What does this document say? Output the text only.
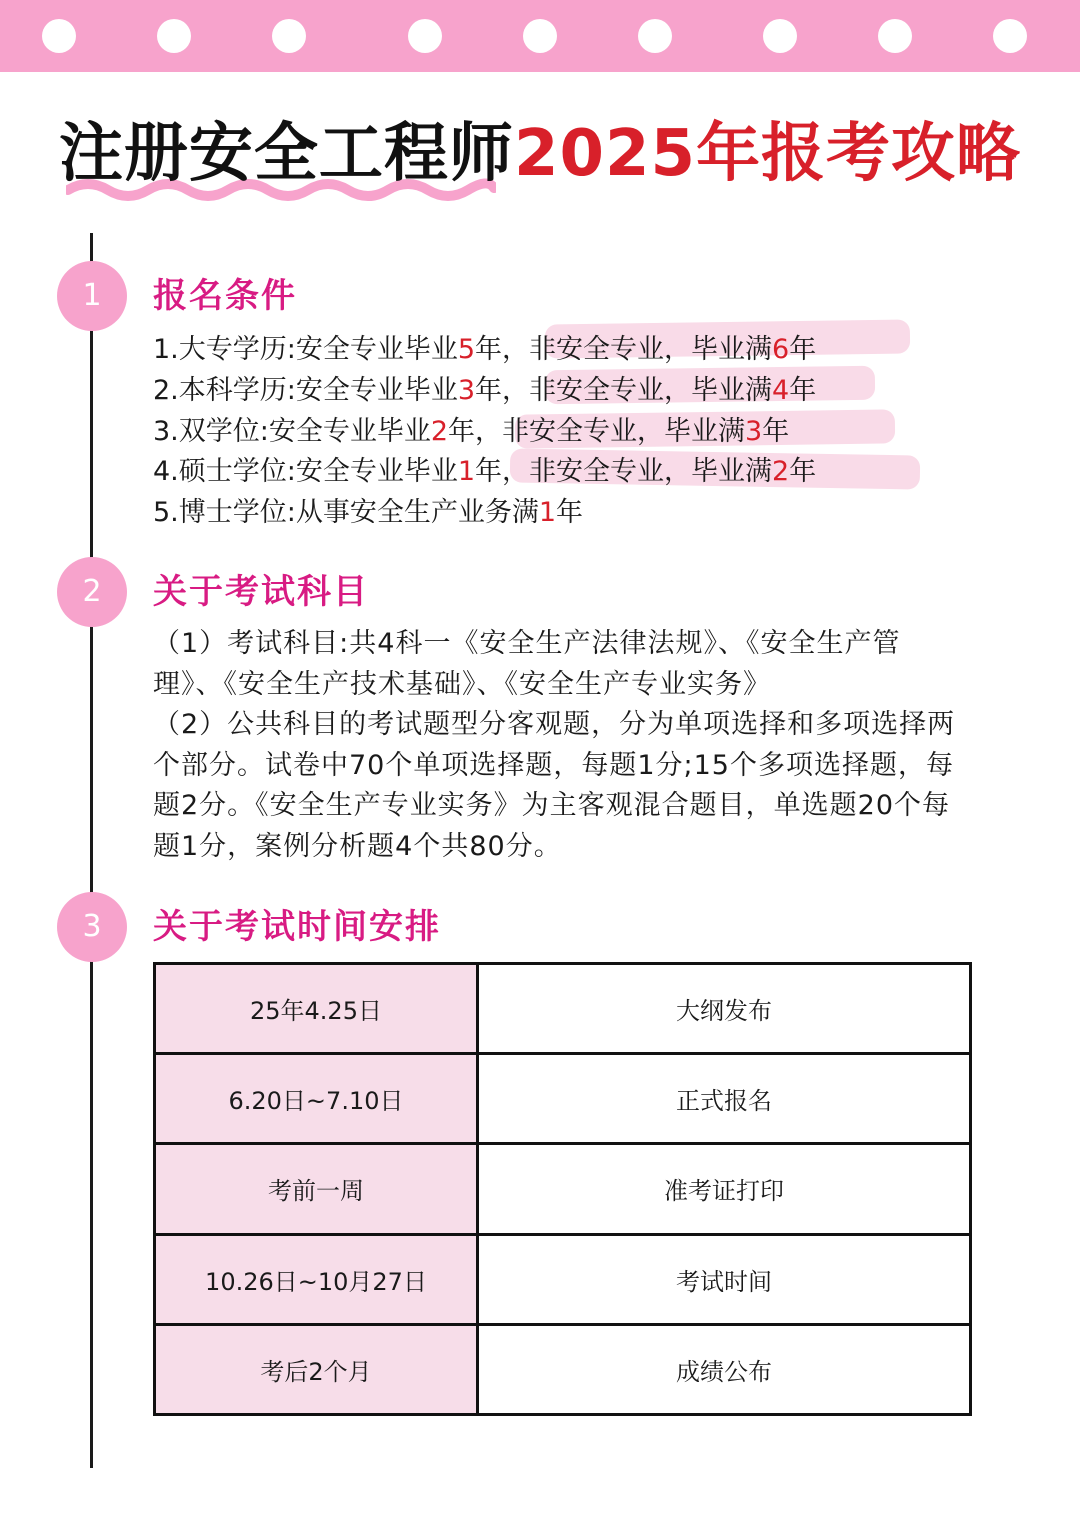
注册安全工程师2025年报考攻略
1
2
3
报名条件
1.大专学历:安全专业毕业5年，非安全专业，毕业满6年
2.本科学历:安全专业毕业3年，非安全专业，毕业满4年
3.双学位:安全专业毕业2年，非安全专业，毕业满3年
4.硕士学位:安全专业毕业1年，非安全专业，毕业满2年
5.博士学位:从事安全生产业务满1年
关于考试科目

（1）考试科目:共4科一《安全生产法律法规》、《安全生产管理》、《安全生产技术基础》、《安全生产专业实务》

（2）公共科目的考试题型分客观题，分为单项选择和多项选择两个部分。试卷中70个单项选择题，每题1分;15个多项选择题，每题2分。《安全生产专业实务》为主客观混合题目，单选题20个每题1分，案例分析题4个共80分。

关于考试时间安排
25年4.25日	大纲发布
6.20日~7.10日	正式报名
考前一周	准考证打印
10.26日~10月27日	考试时间
考后2个月	成绩公布
